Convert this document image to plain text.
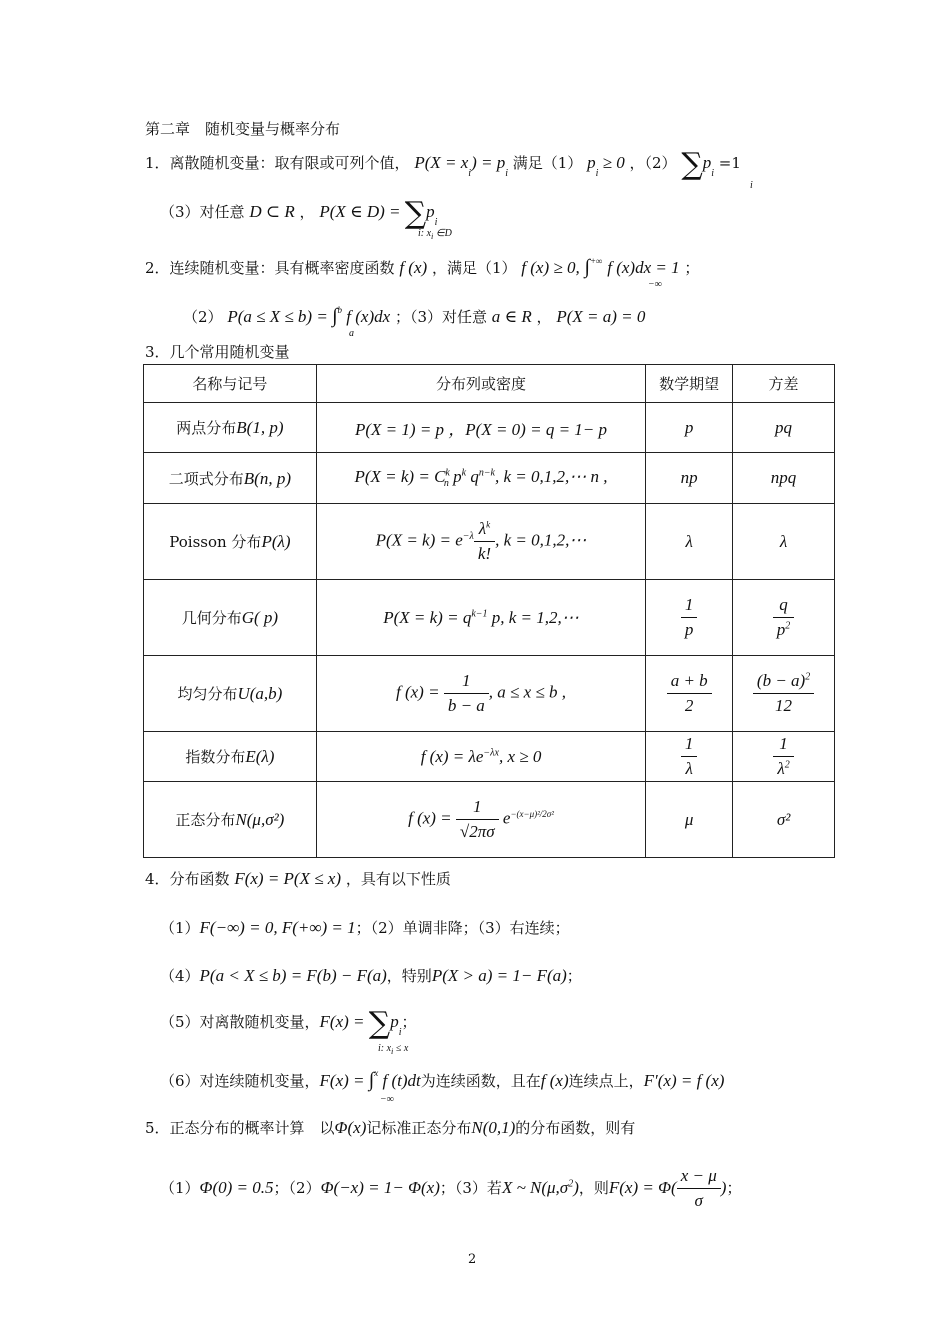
第二章　随机变量与概率分布
1．离散随机变量：取有限或可列个值， $P(X = x_i) = p_i$ 满足（1） $p_i \ge 0$ ，（2） $\sum p_i =1$
i
（3）对任意 D ⊂ R ， P(X ∈ $D) = \sum p_i$
i: $x_i$ ∈D
2．连续随机变量：具有概率密度函数 f (x) ，满足（1） f (x) ≥ 0, ∫+∞ f (x)dx = 1 ；
−∞
（2） P(a ≤ X ≤ b) = ∫$^b$ f (x)dx ；（3）对任意 a ∈ R ， P(X = a) = 0
a
3．几个常用随机变量
名称与记号	分布列或密度	数学期望	方差
两点分布B(1, p)	P(X = 1) = p ，P(X = 0) = q = 1− p	p	pq
二项式分布B(n, p)	$P(X = k) = C^k_n$ $p^k$ $q^{n-k}$, k = 0,1,2,⋯ n ,	np	npq
Poisson 分布P(λ)	$P(X = k) = e^{-\lambda} \frac{\lambda^k}{k!}$ , k = 0,1,2,⋯	λ	λ
几何分布G( p)	$P(X = k) = q^{k-1}$ p, k = 1,2,⋯	$\frac{1}{p}$	$\frac{q}{p^2}$

均匀分布U(a,b)	f $(x) = \frac{1}{b - a}$ , a ≤ x ≤ b ,	$\frac{a + b}{2}$	$\frac{(b - a)^2}{12}$

指数分布E(λ)	f $(x) = \lambda e^{-\lambda x}$, x ≥ 0	$\frac{1}{\lambda}$	$\frac{1}{\lambda^2}$

正态分布N(μ,σ²)	f $(x) = \frac{1}{√2\pi\sigma} e^{-(x-\mu)^2/2\sigma^2}$	μ	σ²
4．分布函数 F(x) = P(X ≤ x) ，具有以下性质
（1）F(−∞) = 0, F(+∞) = 1；（2）单调非降；（3）右连续；
（4）P(a < X ≤ b) = F(b) − F(a)，特别P(X > a) = 1− F(a)；
（5）对离散随机变量，$F(x) = \sum p_i$；
i: $x_i \le x$
（6）对连续随机变量，F(x) = ∫$^x$ f (t)dt为连续函数，且在f (x)连续点上，F′(x) = f (x)
−∞
5．正态分布的概率计算　以Φ(x)记标准正态分布N(0,1)的分布函数，则有
（1）Φ(0) = 0.5；（2）Φ(−x) = 1− Φ(x)；（3）若X ~ $N(\mu,\sigma^2)$，则$F(x) = \Phi( \frac{x - \mu}{\sigma}$ )；
2
